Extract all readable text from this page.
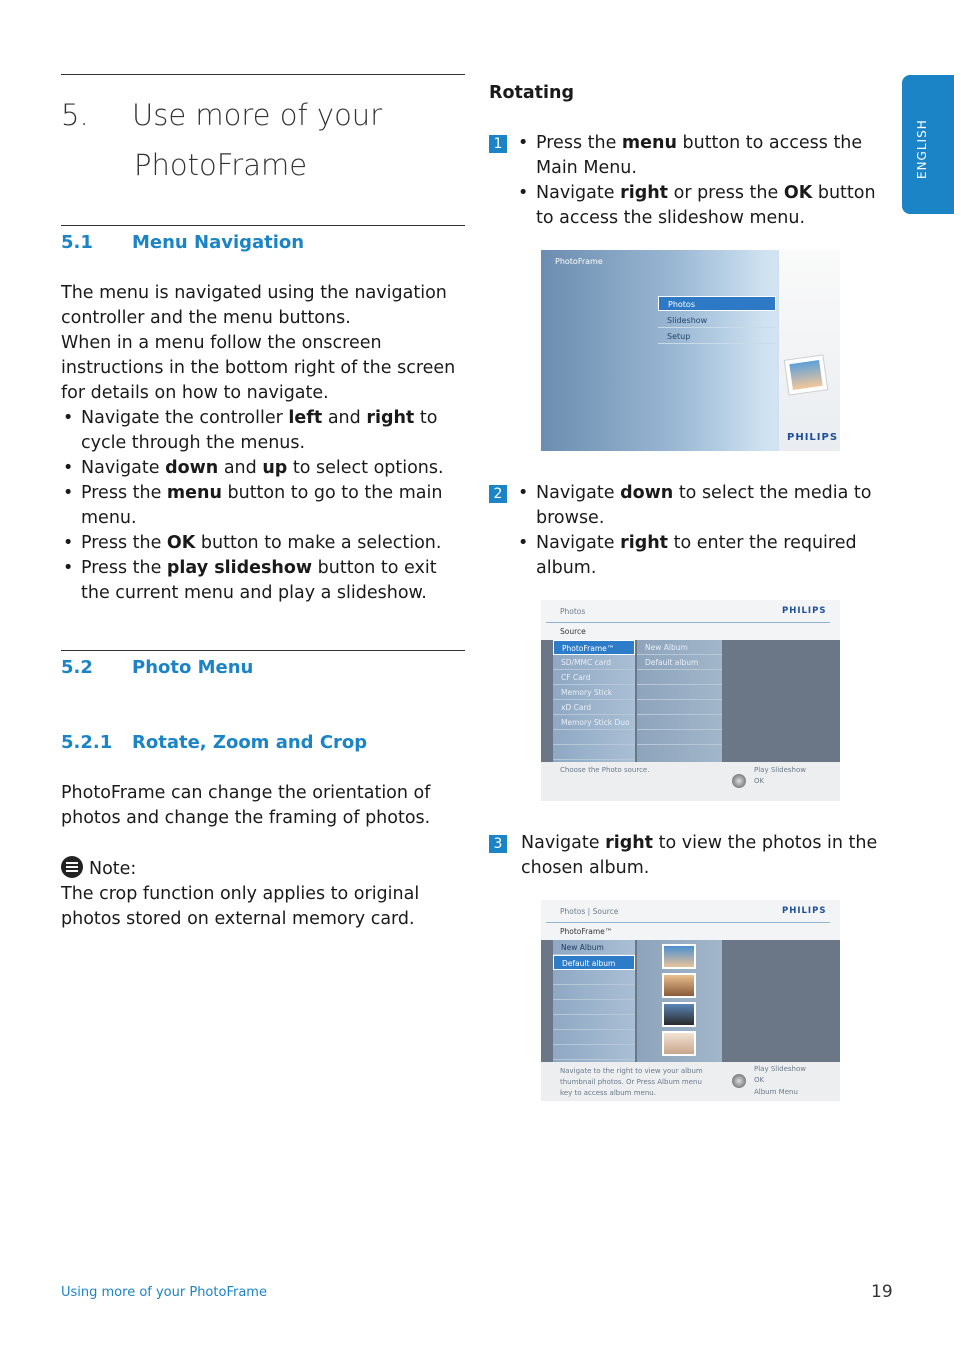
ENGLISH
5. Use more of your
PhotoFrame
5.1 Menu Navigation

The menu is navigated using the navigation controller and the menu buttons.

When in a menu follow the onscreen instructions in the bottom right of the screen for details on how to navigate.

• Navigate the controller left and right to cycle through the menus.
• Navigate down and up to select options.
• Press the menu button to go to the main menu.
• Press the OK button to make a selection.
• Press the play slideshow button to exit the current menu and play a slideshow.
5.2 Photo Menu
5.2.1 Rotate, Zoom and Crop

PhotoFrame can change the orientation of photos and change the framing of photos.

Note:

The crop function only applies to original photos stored on external memory card.

Rotating
1	• Press the menu button to access the Main Menu.
• Navigate right or press the OK button to access the slideshow menu.
PhotoFrame
Photos
Slideshow
Setup
PHILIPS
2	• Navigate down to select the media to browse.
• Navigate right to enter the required album.
Photos	PHILIPS
Source
PhotoFrame™
SD/MMC card
CF Card
Memory Stick
xD Card
Memory Stick Duo
New Album
Default album
Choose the Photo source.	Play Slideshow
OK
3 Navigate right to view the photos in the chosen album.
Photos | Source	PHILIPS
PhotoFrame™
New Album
Default album
Navigate to the right to view your album thumbnail photos. Or Press Album menu key to access album menu.
Play Slideshow
OK
Album Menu
Using more of your PhotoFrame	19
